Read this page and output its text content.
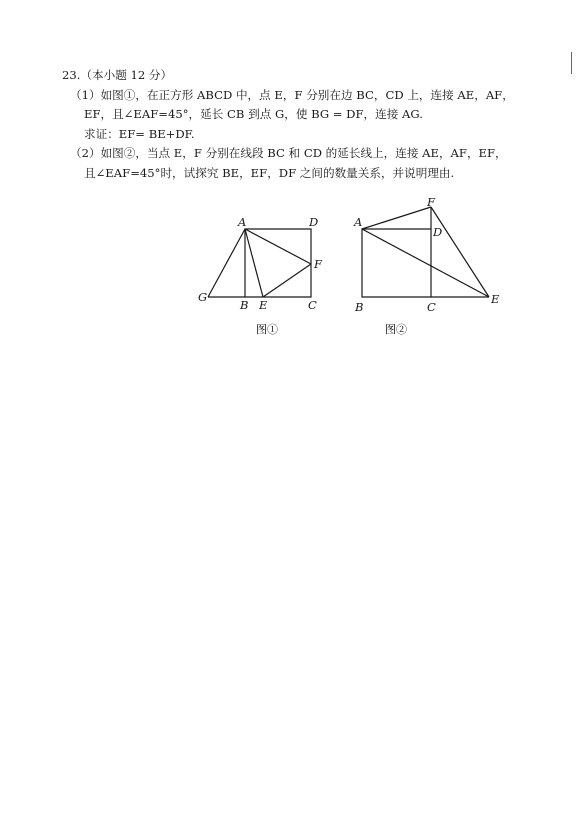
23.（本小题 12 分）
（1）如图①，在正方形 ABCD 中，点 E，F 分别在边 BC，CD 上，连接 AE，AF，
EF，且∠EAF=45°，延长 CB 到点 G，使 BG = DF，连接 AG.
求证：EF= BE+DF.
（2）如图②，当点 E，F 分别在线段 BC 和 CD 的延长线上，连接 AE，AF，EF，
且∠EAF=45°时，试探究 BE，EF，DF 之间的数量关系，并说明理由.
A	D
F
G
B E	C
图①
F
A
D
B	C
E
图②
